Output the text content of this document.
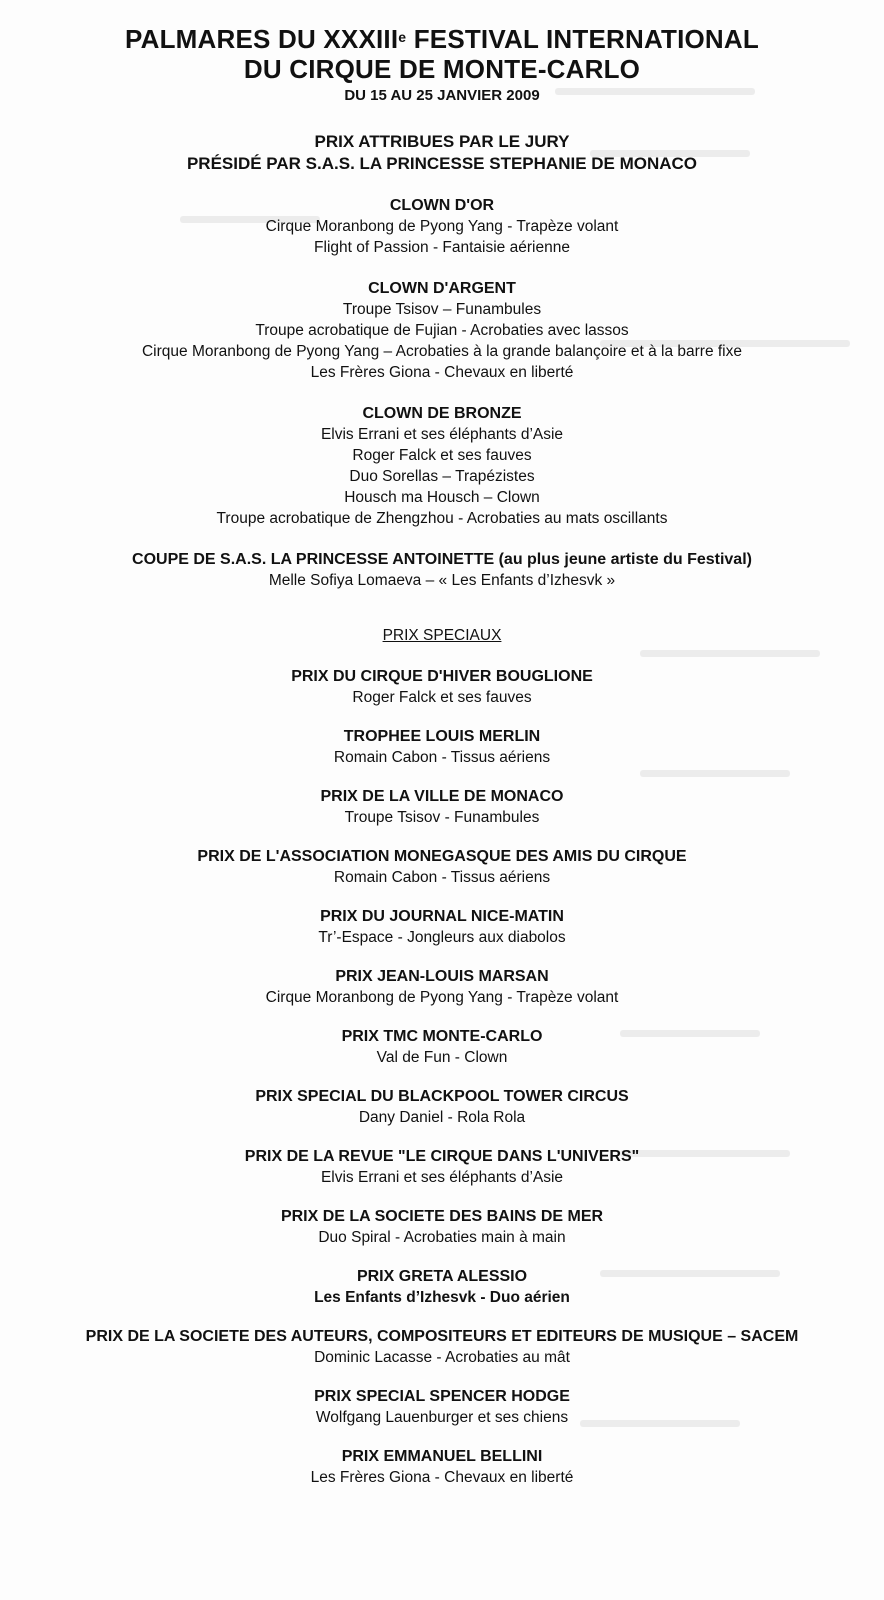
PALMARES DU XXXIIIe FESTIVAL INTERNATIONAL
DU CIRQUE DE MONTE-CARLO
DU 15 AU 25 JANVIER 2009
PRIX ATTRIBUES PAR LE JURY
PRÉSIDÉ PAR S.A.S. LA PRINCESSE STEPHANIE DE MONACO
CLOWN D'OR
Cirque Moranbong de Pyong Yang - Trapèze volant
Flight of Passion - Fantaisie aérienne
CLOWN D'ARGENT
Troupe Tsisov – Funambules
Troupe acrobatique de Fujian - Acrobaties avec lassos
Cirque Moranbong de Pyong Yang – Acrobaties à la grande balançoire et à la barre fixe
Les Frères Giona - Chevaux en liberté
CLOWN DE BRONZE
Elvis Errani et ses éléphants d’Asie
Roger Falck et ses fauves
Duo Sorellas – Trapézistes
Housch ma Housch – Clown
Troupe acrobatique de Zhengzhou - Acrobaties au mats oscillants
COUPE DE S.A.S. LA PRINCESSE ANTOINETTE (au plus jeune artiste du Festival)
Melle Sofiya Lomaeva – « Les Enfants d’Izhesvk »
PRIX SPECIAUX
PRIX DU CIRQUE D'HIVER BOUGLIONE
Roger Falck et ses fauves
TROPHEE LOUIS MERLIN
Romain Cabon - Tissus aériens
PRIX DE LA VILLE DE MONACO
Troupe Tsisov - Funambules
PRIX DE L'ASSOCIATION MONEGASQUE DES AMIS DU CIRQUE
Romain Cabon - Tissus aériens
PRIX DU JOURNAL NICE-MATIN
Tr’-Espace - Jongleurs aux diabolos
PRIX JEAN-LOUIS MARSAN
Cirque Moranbong de Pyong Yang - Trapèze volant
PRIX TMC MONTE-CARLO
Val de Fun - Clown
PRIX SPECIAL DU BLACKPOOL TOWER CIRCUS
Dany Daniel - Rola Rola
PRIX DE LA REVUE "LE CIRQUE DANS L'UNIVERS"
Elvis Errani et ses éléphants d’Asie
PRIX DE LA SOCIETE DES BAINS DE MER
Duo Spiral - Acrobaties main à main
PRIX GRETA ALESSIO
Les Enfants d’Izhesvk - Duo aérien
PRIX DE LA SOCIETE DES AUTEURS, COMPOSITEURS ET EDITEURS DE MUSIQUE – SACEM
Dominic Lacasse - Acrobaties au mât
PRIX SPECIAL SPENCER HODGE
Wolfgang Lauenburger et ses chiens
PRIX EMMANUEL BELLINI
Les Frères Giona - Chevaux en liberté
